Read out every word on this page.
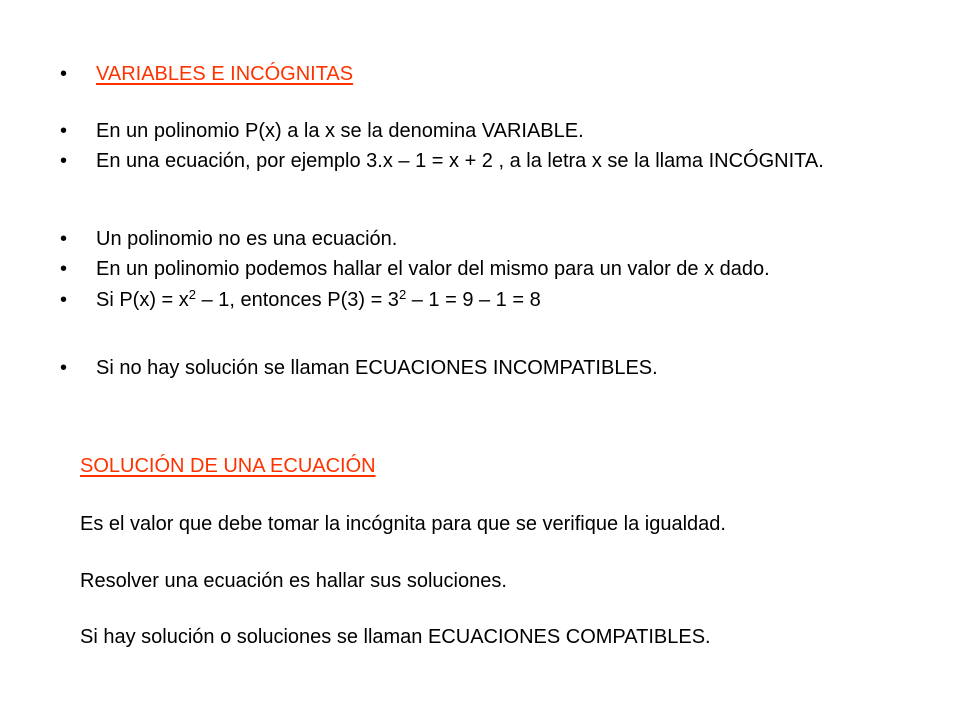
• VARIABLES E INCÓGNITAS
• En un polinomio P(x) a la x se la denomina VARIABLE.
• En una ecuación, por ejemplo 3.x – 1 = x + 2 , a la letra x se la llama INCÓGNITA.
• Un polinomio no es una ecuación.
• En un polinomio podemos hallar el valor del mismo para un valor de x dado.
• Si $P(x) = x^2 - 1$, entonces $P(3) = 3^2 - 1 = 9 - 1 = 8$
• Si no hay solución se llaman ECUACIONES INCOMPATIBLES.
SOLUCIÓN DE UNA ECUACIÓN
Es el valor que debe tomar la incógnita para que se verifique la igualdad.
Resolver una ecuación es hallar sus soluciones.
Si hay solución o soluciones se llaman ECUACIONES COMPATIBLES.
